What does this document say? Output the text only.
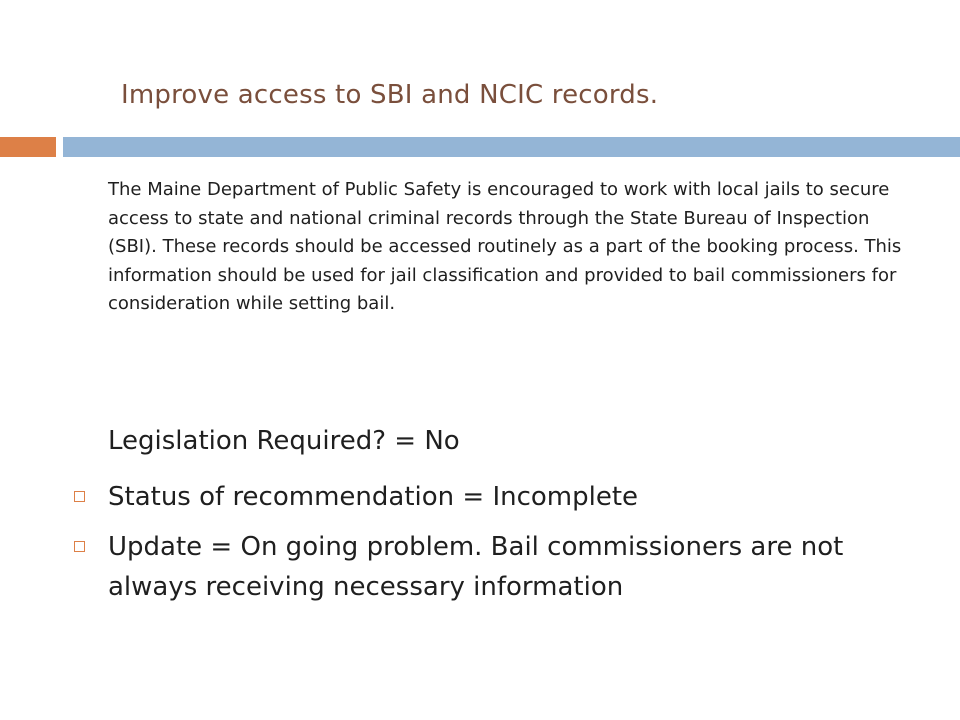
Improve access to SBI and NCIC records.

The Maine Department of Public Safety is encouraged to work with local jails to secure access to state and national criminal records through the State Bureau of Inspection (SBI). These records should be accessed routinely as a part of the booking process. This information should be used for jail classification and provided to bail commissioners for consideration while setting bail.

Legislation Required? = No
Status of recommendation = Incomplete
Update = On going problem. Bail commissioners are not always receiving necessary information
